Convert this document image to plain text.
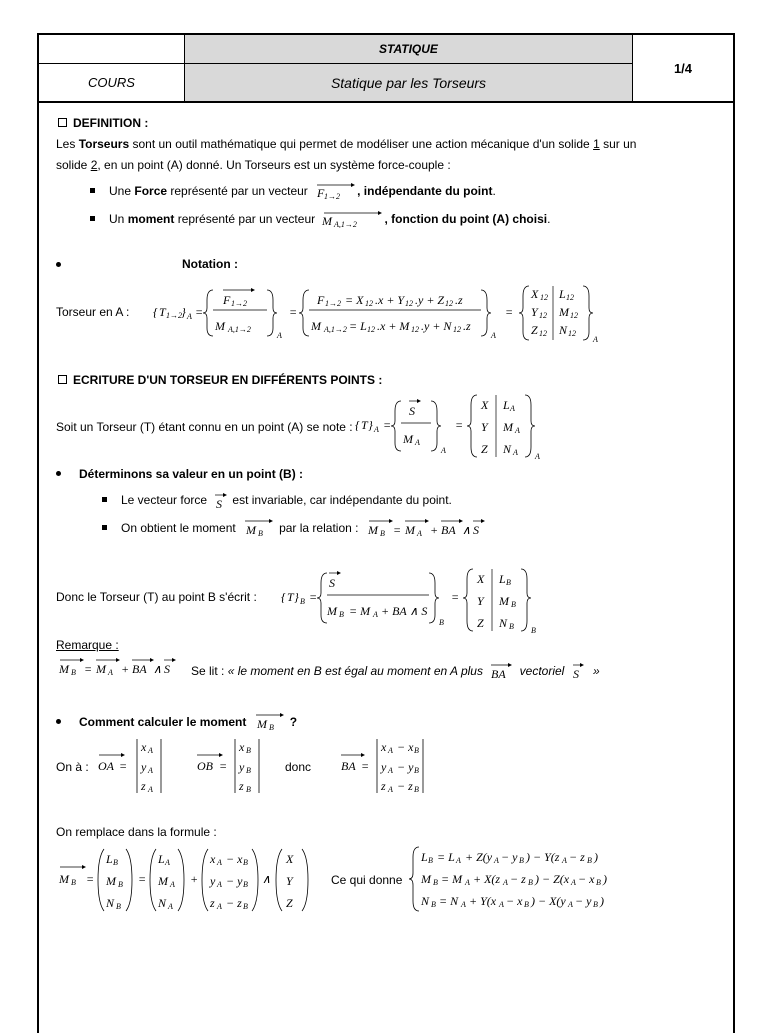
COURS
STATIQUE
Statique par les Torseurs
1/4
DEFINITION :
Les Torseurs sont un outil mathématique qui permet de modéliser une action mécanique d'un solide 1 sur un
solide 2, en un point (A) donné. Un Torseurs est un système force-couple :
Une Force représenté par un vecteur F 1→2 , indépendante du point.
Un moment représenté par un vecteur M A,1→2 , fonction du point (A) choisi.
Notation :
Torseur en A : { T 1→2 } A =
F 1→2
M A,1→2
A
=
F 1→2 = X 12 .x + Y 12 .y + Z 12 .z
M A,1→2 = L 12 .x + M 12 .y + N 12 .z
A
=
X 12
Y 12
Z 12
L 12
M 12
N 12
A
ECRITURE D'UN TORSEUR EN DIFFÉRENTS POINTS :
Soit un Torseur (T) étant connu en un point (A) se note : { T } A =
S
M A
A
=
X
Y
Z
L A
M A
N A A
Déterminons sa valeur en un point (B) :
Le vecteur force S est invariable, car indépendante du point.
On obtient le moment M B par la relation : M B = M A + BA ∧ S
Donc le Torseur (T) au point B s'écrit : { T } B =
S
M B = M A + BA ∧ S
B
=
X
Y
Z
L B
M B
N B B
Remarque :
M B = M A + BA ∧ S Se lit : « le moment en B est égal au moment en A plus BA vectoriel S »
Comment calculer le moment M B ?
On à : OA =
x A
y A
z A
OB =
x B
y B
z B
BA =
x A − x B
y A − y B
z A − z B
donc
On remplace dans la formule :
M B =
L B
M B
N B
=
L A
M A
N A
+
x A − x B
y A − y B
z A − z B
∧
X
Y
Z
Ce qui donne
L B = L A + Z(y A − y B ) − Y(z A − z B )
M B = M A + X(z A − z B ) − Z(x A − x B )
N B = N A + Y(x A − x B ) − X(y A − y B )
